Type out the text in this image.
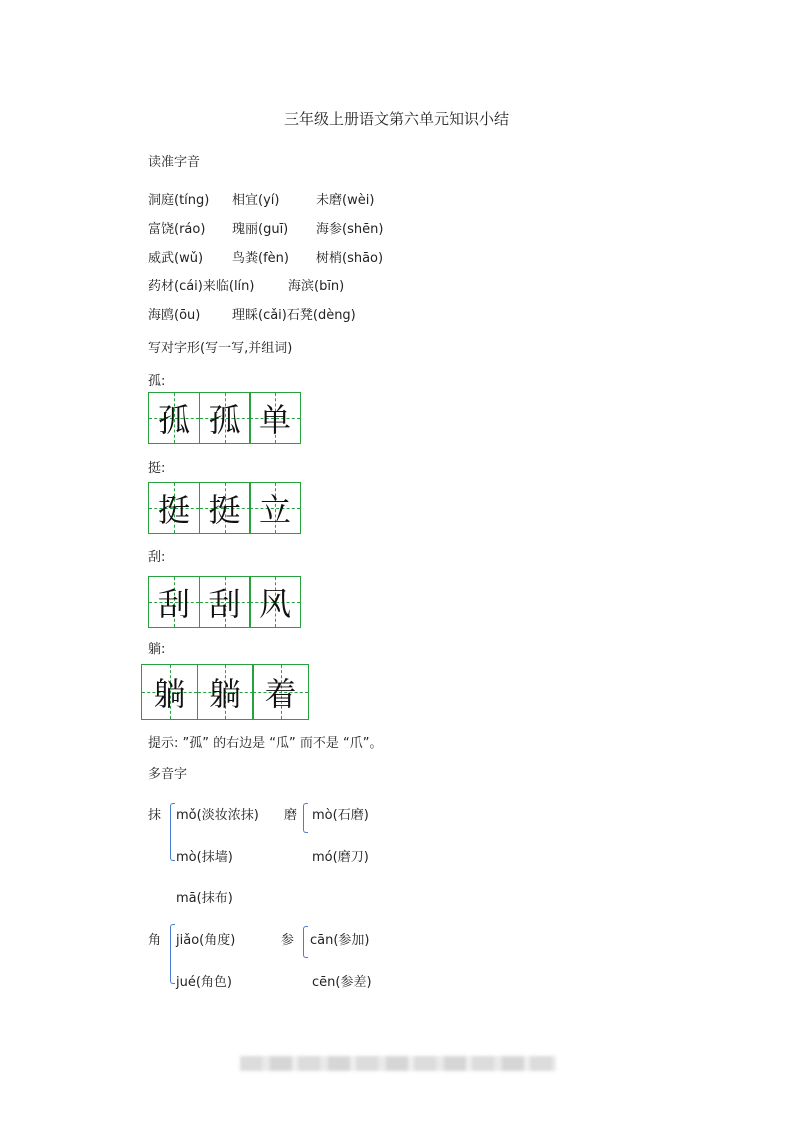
三年级上册语文第六单元知识小结
读准字音
洞庭(tíng) 相宜(yí)	未磨(wèi)
富饶(ráo) 瑰丽(guī) 海参(shēn)
威武(wǔ) 鸟粪(fèn) 树梢(shāo)
药材(cái)来临(lín)	海滨(bīn)
海鸥(ōu) 理睬(cǎi)石凳(dèng)
写对字形(写一写,并组词)
孤:
孤 孤 单
挺:
挺 挺 立
刮:
刮 刮 风
躺:
躺 躺 着
提示: ”孤” 的右边是 “瓜” 而不是 “爪”。
多音字
抹 mǒ(淡妆浓抹)
mò(抹墙)
mā(抹布)
磨 mò(石磨)
mó(磨刀)
角 jiǎo(角度)
jué(角色)
参 cān(参加)
cēn(参差)
